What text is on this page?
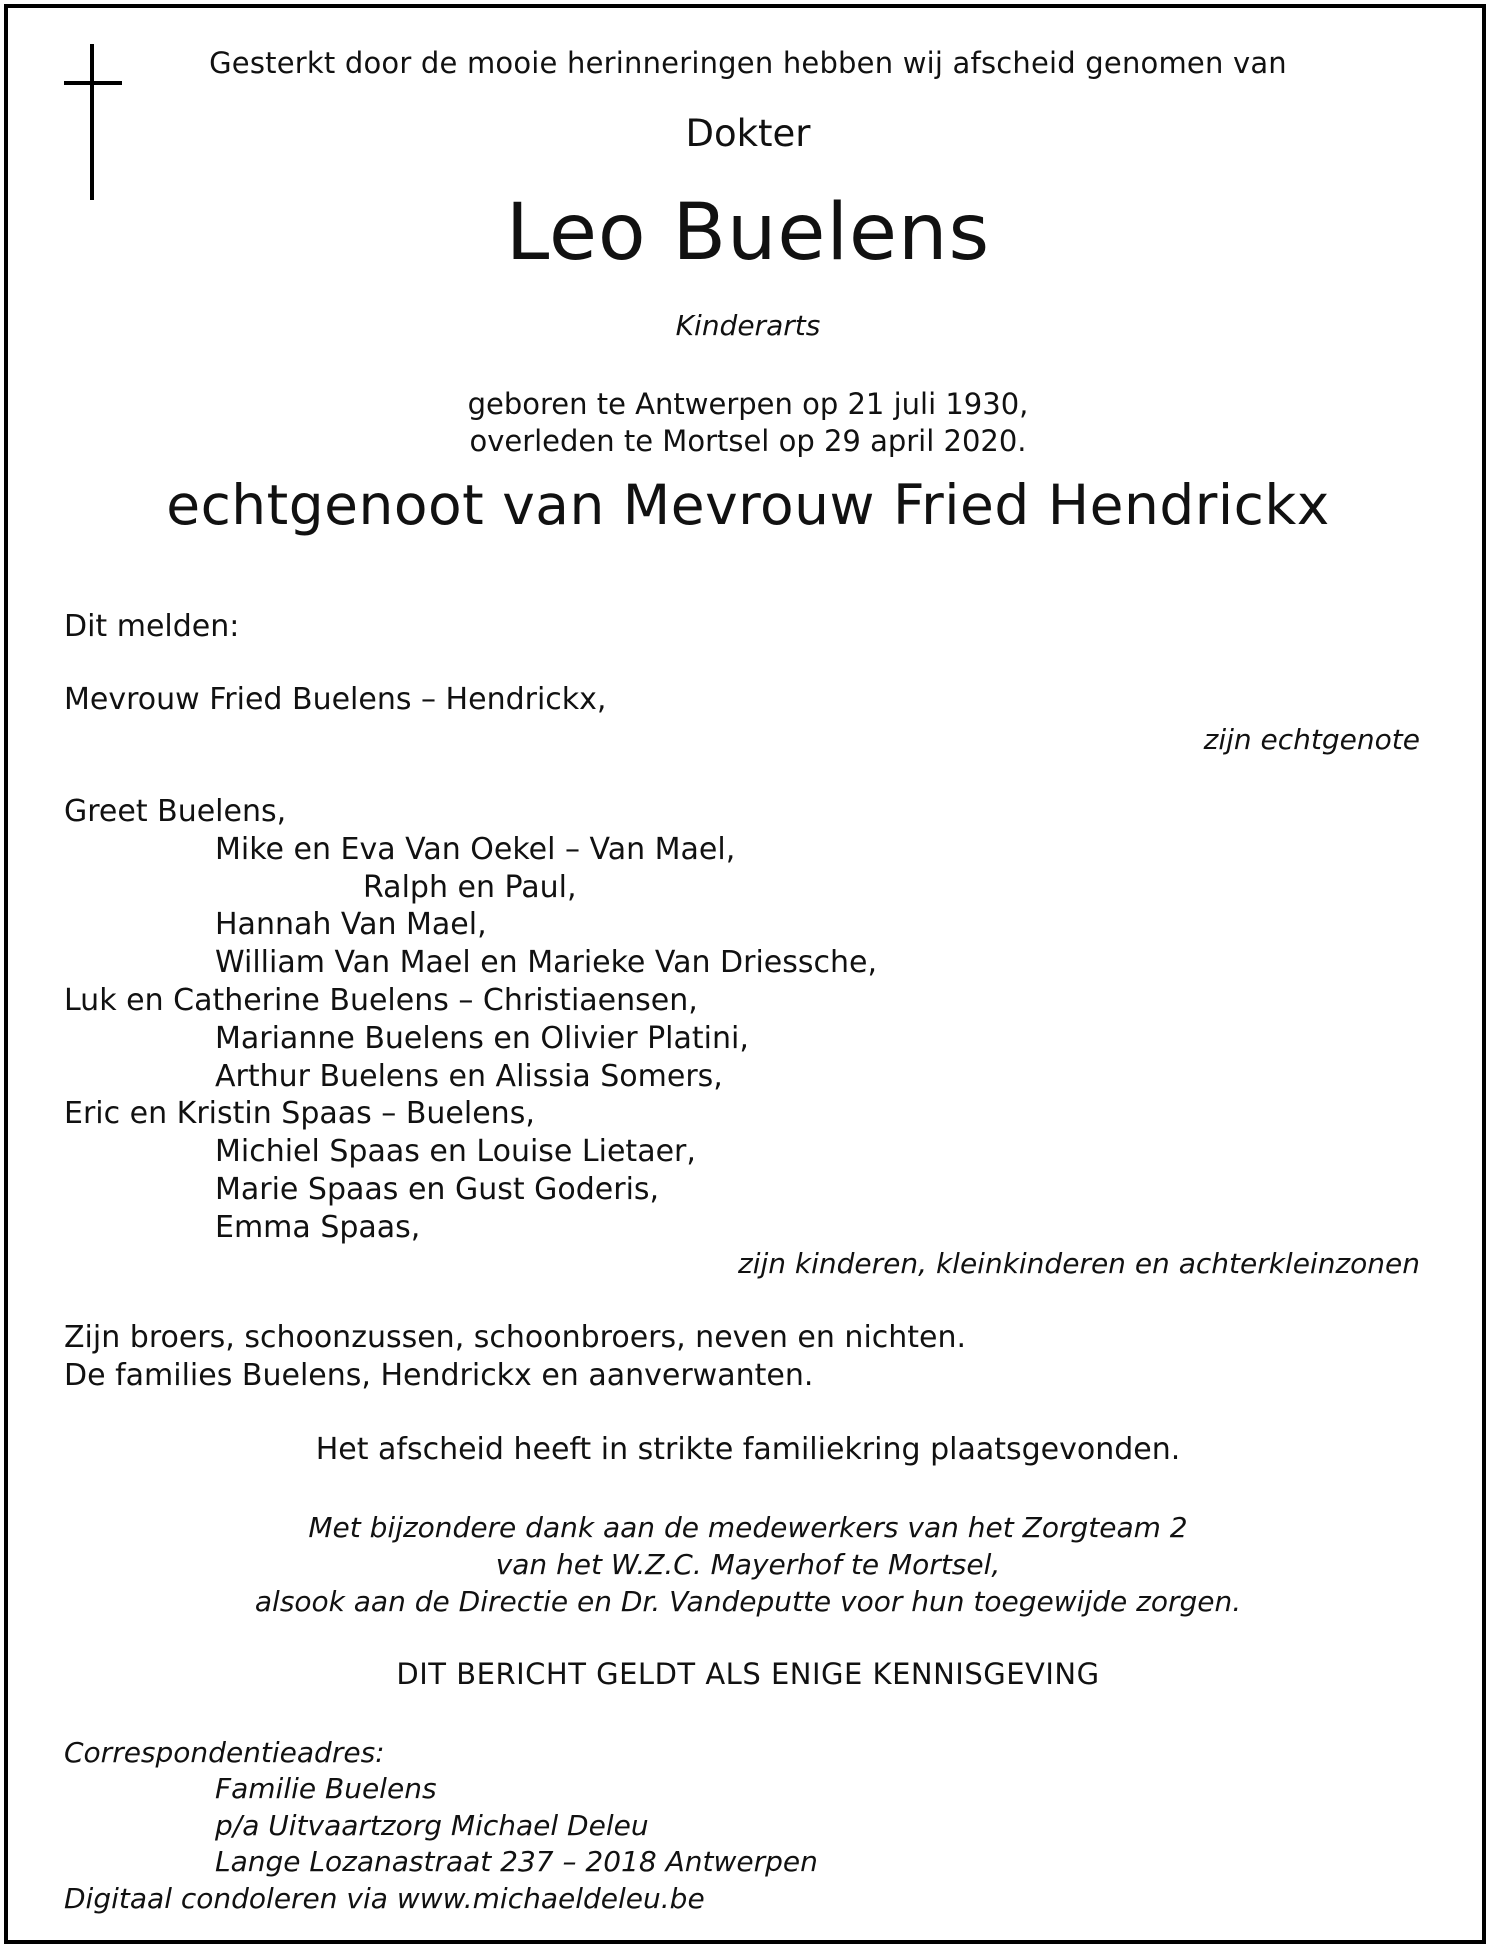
Gesterkt door de mooie herinneringen hebben wij afscheid genomen van
Dokter
Leo Buelens
Kinderarts
geboren te Antwerpen op 21 juli 1930,
overleden te Mortsel op 29 april 2020.
echtgenoot van Mevrouw Fried Hendrickx
Dit melden:
Mevrouw Fried Buelens – Hendrickx,
zijn echtgenote
Greet Buelens,
Mike en Eva Van Oekel – Van Mael,
Ralph en Paul,
Hannah Van Mael,
William Van Mael en Marieke Van Driessche,
Luk en Catherine Buelens – Christiaensen,
Marianne Buelens en Olivier Platini,
Arthur Buelens en Alissia Somers,
Eric en Kristin Spaas – Buelens,
Michiel Spaas en Louise Lietaer,
Marie Spaas en Gust Goderis,
Emma Spaas,
zijn kinderen, kleinkinderen en achterkleinzonen
Zijn broers, schoonzussen, schoonbroers, neven en nichten.
De families Buelens, Hendrickx en aanverwanten.
Het afscheid heeft in strikte familiekring plaatsgevonden.
Met bijzondere dank aan de medewerkers van het Zorgteam 2
van het W.Z.C. Mayerhof te Mortsel,
alsook aan de Directie en Dr. Vandeputte voor hun toegewijde zorgen.
DIT BERICHT GELDT ALS ENIGE KENNISGEVING
Correspondentieadres:
Familie Buelens
p/a Uitvaartzorg Michael Deleu
Lange Lozanastraat 237 – 2018 Antwerpen
Digitaal condoleren via www.michaeldeleu.be
